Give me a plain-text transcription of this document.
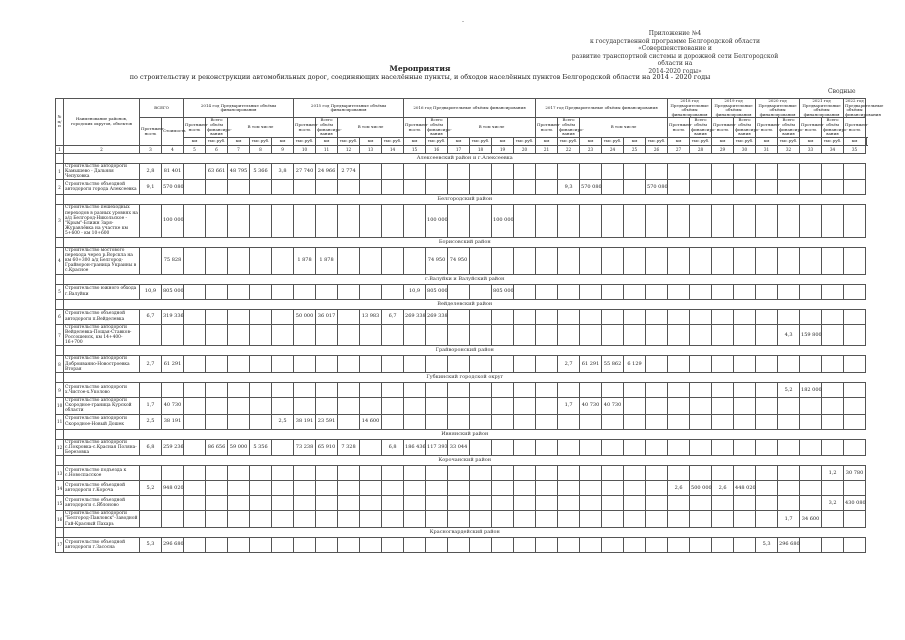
-
Приложение №4
к государственной программе Белгородской области «Совершенствование и
развитие транспортной системы и дорожной сети Белгородской области на
2014-2020 годы»
Мероприятия
по строительству и реконструкции автомобильных дорог, соединяющих населённые пункты, и обходов населённых пунктов Белгородской области на 2014 - 2020 годы
Сводные
№ п/п	Наименование районов, городских округов, объектов	ВСЕГО		2014 год Предварительные объёмы финансирования					2015 год Предварительные объёмы финансирования					2016 год Предварительные объёмы финансирования						2017 год Предварительные объёмы финансирования						2018 год Предварительные объёмы финансирования		2019 год Предварительные объёмы финансирования		2020 год Предварительные объёмы финансирования		2021 год Предварительные объёмы финансирования		2022 год Предварительные объёмы финансирования	
		Протяжен-ность	Стоимость	Протяжен-ность	Всего объём финансиро-вания	В том числе			Протяжен-ность	Всего объём финансиро-вания	В том числе			Протяжен-ность	Всего объём финансиро-вания	В том числе				Протяжен-ность	Всего объём финансиро-вания	В том числе				Протяжен-ность	Всего объём финансиро-вания	Протяжен-ность	Всего объём финансиро-вания	Протяжен-ность	Всего объём финансиро-вания	Протяжен-ность	Всего объём финансиро-вания	Протяжен-ность	
				км	тыс.руб.	км	тыс.руб.	км	тыс.руб.	км	тыс.руб.	км	тыс.руб.	км	тыс.руб.	км	тыс.руб.	км	тыс.руб.	км	тыс.руб.	км	тыс.руб.	км	тыс.руб.	км	тыс.руб.	км	тыс.руб.	км	тыс.руб.	км	тыс.руб.	км		
1	2	3	4	5	6	7	8	9	10	11	12	13	14	15	16	17	18	19	20	21	22	23	24	25	26	27	28	29	30	31	32	33	34	35	
	Алексеевский район и г.Алексеевка																																		
1	Строительство автодороги Камышево - Дальняя Чепуховка	2,8	81 401		63 661	48 795	5 366	3,8	27 740	24 966	2 774																								
2	Строительство объездной автодороги города Алексеевка	9,1	570 080																		9,3	570 080			570 080										
	Белгородский район																																		
3	Строительство пешеходных переходов в разных уровнях на а/д Белгород-Никольское - "Крым"-Ближн Заря-Журавлёвка на участке км 5+600 - км 10+600		100 000												100 000			100 000																	
	Борисовский район																																		
4	Строительство мостового перехода через р.Ворскла на км 60+300 а/д Белгород-Грайворон-граница Украины в с.Красное		75 828						1 878	1 878					74 950	74 950																			
	г.Валуйки и Валуйский район																																		
5	Строительство южного обхода г.Валуйки	10,9	805 000											10,9	805 000			805 000																	
	Вейделевский район																																		
6	Строительство объездной автодороги п.Вейделевка	6,7	319 336						50 000	36 017		13 983	6,7	269 338	269 338																				
7	Строительство автодороги Вейделевка-Пощая-Ставков-Россошенск, км 14+400-16+700																														4,3	159 800			
	Грайворонский район																																		
8	Строительство автодороги Доброиванно-Новостроевка Вторая	2,7	61 291																		2,7	61 291	55 862	6 129											
	Губкинский городской округ																																		
9	Строительство автодороги х.Чистое-х.Уколово																														5,2	182 000			
10	Строительство автодороги Скородное-граница Курской области	1,7	40 730																		1,7	40 730	40 730												
11	Строительство автодороги Скородное-Новый Дошек	2,5	38 191					2,5	38 191	23 591		14 600																							
	Ивнянский район																																		
12	Строительство автодороги с.Покровка-с.Красная Поляна-Березовка	6,8	259 236		86 656	59 000	5 356		73 238	65 910	7 328		6,8	186 436	117 393	33 044																			
	Корочанский район																																		
13	Строительство подъезда к с.Новоспасское																																1,2	30 780	
14	Строительство объездной автодороги г.Короча	5,2	948 020																							2,6	500 000	2,6	448 020						
15	Строительство объездной автодороги с.Яблоново																																3,2	430 080	
16	Строительство автодороги "Белгород-Павловск"-Заводной Гай-Красный Пахарь																														1,7	34 600			
	Красногвардейский район																																		
17	Строительство объездной автодороги г.Засосна	5,3	296 680																											5,3	296 680				
